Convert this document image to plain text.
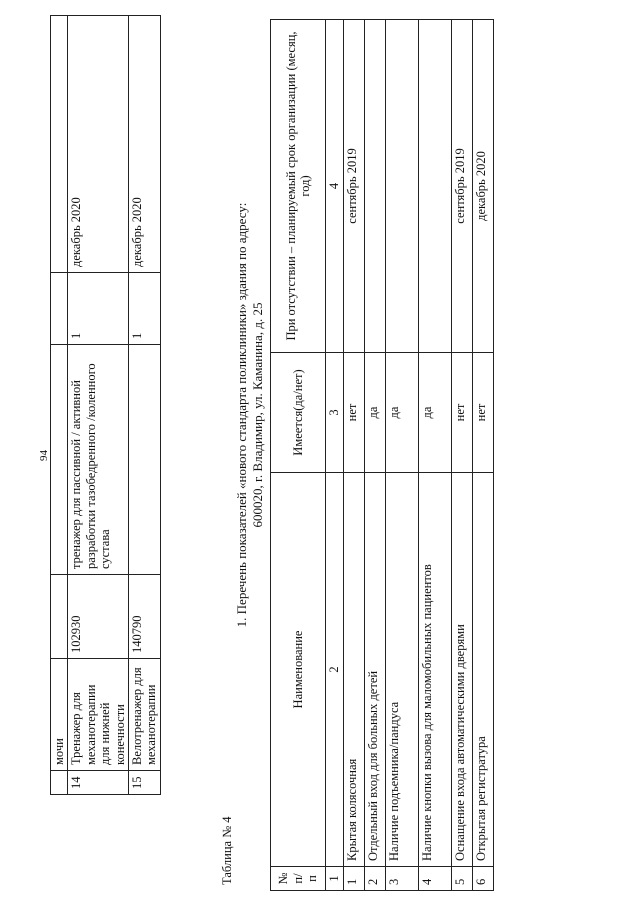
94
	мочи				
14	Тренажер для механотерапии для нижней конечности	102930	тренажер для пассивной / активной разработки тазобедренного /коленного сустава	1	декабрь 2020
15	Велотренажер для механотерапии	140790		1	декабрь 2020
Таблица № 4
1. Перечень показателей «нового стандарта поликлиники» здания по адресу: 600020, г. Владимир, ул. Каманина, д. 25
№ п/п	Наименование	Имеется(да/нет)	При отсутствии – планируемый срок организации (месяц, год)
1	2	3	4
1	Крытая колясочная	нет	сентябрь 2019
2	Отдельный вход для больных детей	да	
3	Наличие подъемника/пандуса	да	
4	Наличие кнопки вызова для маломобильных пациентов	да	
5	Оснащение входа автоматическими дверями	нет	сентябрь 2019
6	Открытая регистратура	нет	декабрь 2020
